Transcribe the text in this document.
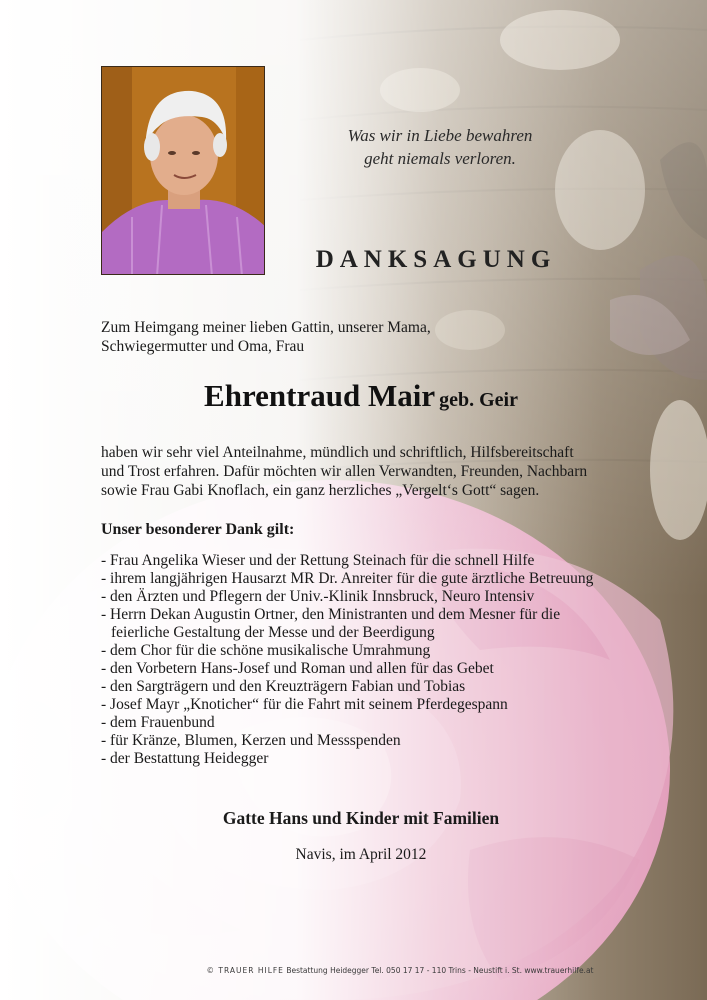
Was wir in Liebe bewahren
geht niemals verloren.
DANKSAGUNG
Zum Heimgang meiner lieben Gattin, unserer Mama,
Schwiegermutter und Oma, Frau
Ehrentraud Mair geb. Geir
haben wir sehr viel Anteilnahme, mündlich und schriftlich, Hilfsbereitschaft
und Trost erfahren. Dafür möchten wir allen Verwandten, Freunden, Nachbarn
sowie Frau Gabi Knoflach, ein ganz herzliches „Vergelt‘s Gott“ sagen.
Unser besonderer Dank gilt:
- Frau Angelika Wieser und der Rettung Steinach für die schnell Hilfe
- ihrem langjährigen Hausarzt MR Dr. Anreiter für die gute ärztliche Betreuung
- den Ärzten und Pflegern der Univ.-Klinik Innsbruck, Neuro Intensiv
- Herrn Dekan Augustin Ortner, den Ministranten und dem Mesner für die feierliche Gestaltung der Messe und der Beerdigung
- dem Chor für die schöne musikalische Umrahmung
- den Vorbetern Hans-Josef und Roman und allen für das Gebet
- den Sargträgern und den Kreuzträgern Fabian und Tobias
- Josef Mayr „Knoticher“ für die Fahrt mit seinem Pferdegespann
- dem Frauenbund
- für Kränze, Blumen, Kerzen und Messspenden
- der Bestattung Heidegger
Gatte Hans und Kinder mit Familien
Navis, im April 2012
© TRAUER HILFE Bestattung Heidegger Tel. 050 17 17 - 110 Trins - Neustift i. St. www.trauerhilfe.at
